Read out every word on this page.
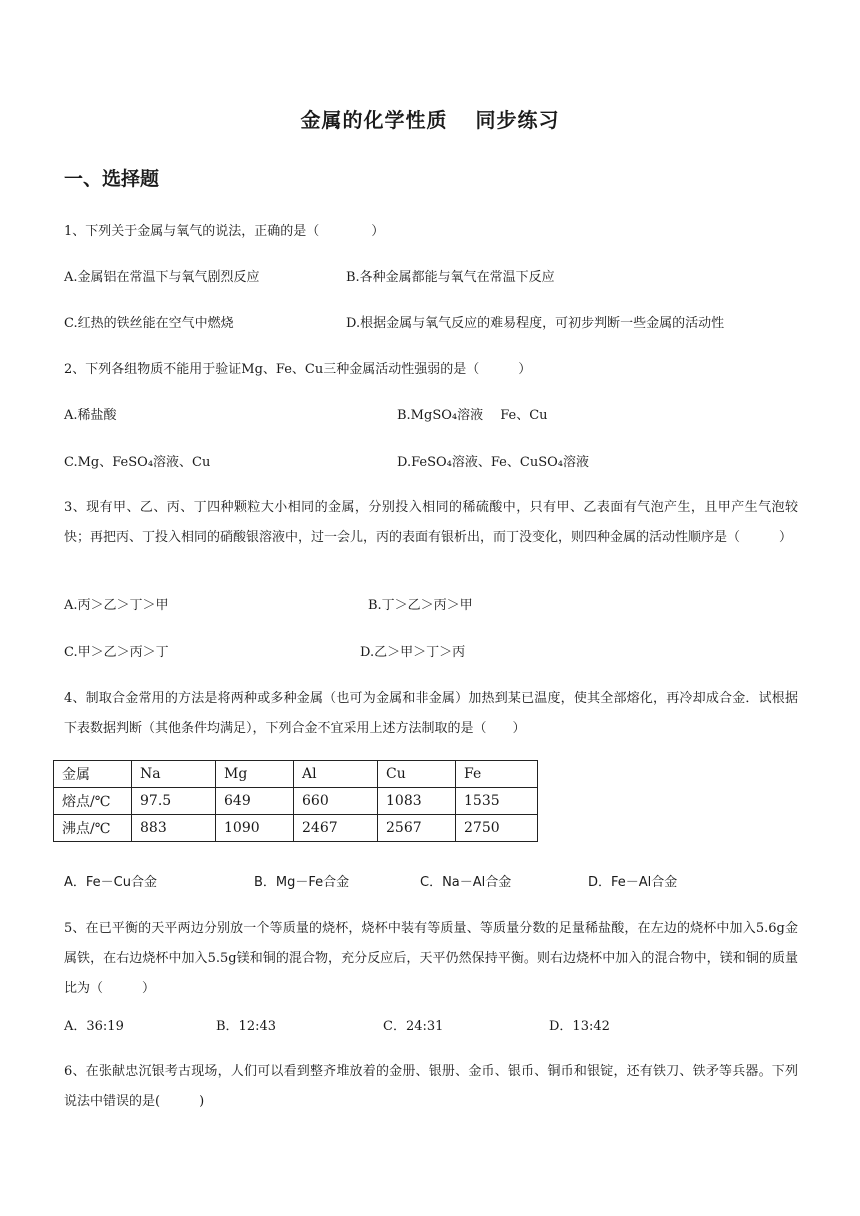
金属的化学性质 同步练习
一、选择题
1、下列关于金属与氧气的说法，正确的是（　　　　）
A.金属铝在常温下与氧气剧烈反应	B.各种金属都能与氧气在常温下反应
C.红热的铁丝能在空气中燃烧	D.根据金属与氧气反应的难易程度，可初步判断一些金属的活动性
2、下列各组物质不能用于验证Mg、Fe、Cu三种金属活动性强弱的是（　　　）
A.稀盐酸	B.MgSO₄溶液　 Fe、Cu
C.Mg、FeSO₄溶液、Cu	D.FeSO₄溶液、Fe、CuSO₄溶液
3、现有甲、乙、丙、丁四种颗粒大小相同的金属，分别投入相同的稀硫酸中，只有甲、乙表面有气泡产生，且甲产生气泡较快；再把丙、丁投入相同的硝酸银溶液中，过一会儿，丙的表面有银析出，而丁没变化，则四种金属的活动性顺序是（　　　）
A.丙＞乙＞丁＞甲	B.丁＞乙＞丙＞甲
C.甲＞乙＞丙＞丁	D.乙＞甲＞丁＞丙
4、制取合金常用的方法是将两种或多种金属（也可为金属和非金属）加热到某已温度，使其全部熔化，再冷却成合金．试根据下表数据判断（其他条件均满足），下列合金不宜采用上述方法制取的是（　　）
金属	Na	Mg	Al	Cu	Fe
熔点/℃	97.5	649	660	1083	1535
沸点/℃	883	1090	2467	2567	2750
A．Fe－Cu合金	B．Mg－Fe合金	C．Na－Al合金	D．Fe－Al合金
5、在已平衡的天平两边分别放一个等质量的烧杯，烧杯中装有等质量、等质量分数的足量稀盐酸，在左边的烧杯中加入5.6g金属铁，在右边烧杯中加入5.5g镁和铜的混合物，充分反应后，天平仍然保持平衡。则右边烧杯中加入的混合物中，镁和铜的质量比为（　　　）
A．36:19	B．12:43	C．24:31	D．13:42
6、在张献忠沉银考古现场，人们可以看到整齐堆放着的金册、银册、金币、银币、铜币和银锭，还有铁刀、铁矛等兵器。下列说法中错误的是(　　　)
